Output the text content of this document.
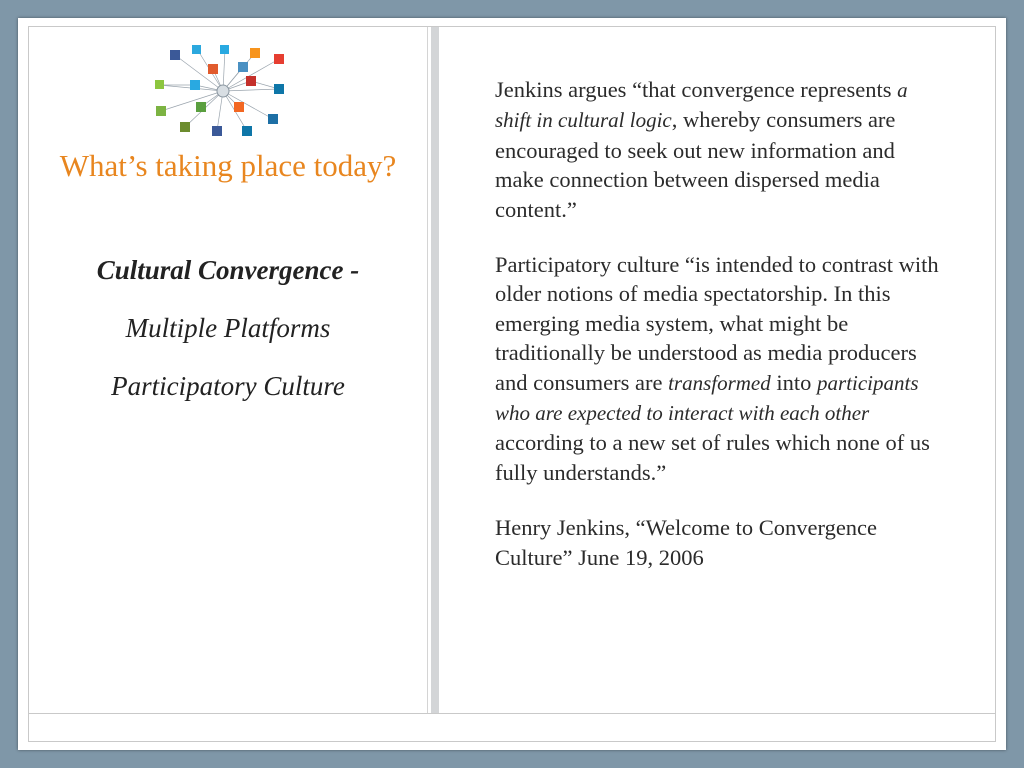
What’s taking place today?
Cultural Convergence -
Multiple Platforms
Participatory Culture

Jenkins argues “that convergence represents a shift in cultural logic, whereby consumers are encouraged to seek out new information and make connection between dispersed media content.”

Participatory culture “is intended to contrast with older notions of media spectatorship. In this emerging media system, what might be traditionally be understood as media producers and consumers are transformed into participants who are expected to interact with each other according to a new set of rules which none of us fully understands.”

Henry Jenkins, “Welcome to Convergence Culture” June 19, 2006
